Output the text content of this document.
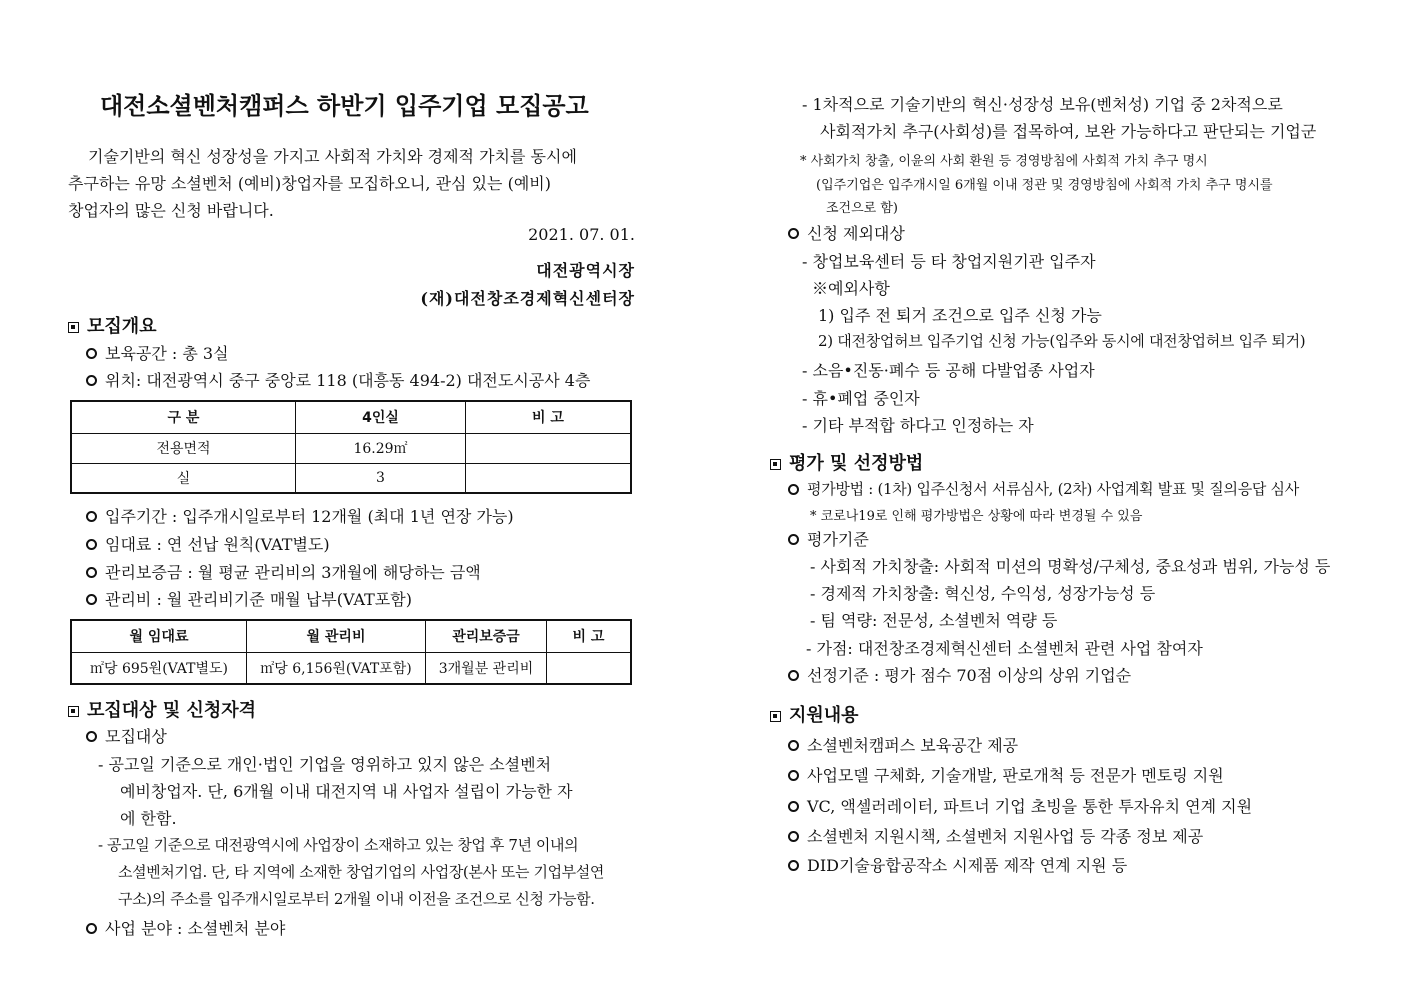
대전소셜벤처캠퍼스 하반기 입주기업 모집공고
기술기반의 혁신 성장성을 가지고 사회적 가치와 경제적 가치를 동시에
추구하는 유망 소셜벤처 (예비)창업자를 모집하오니, 관심 있는 (예비)
창업자의 많은 신청 바랍니다.
2021. 07. 01.
대전광역시장
(재)대전창조경제혁신센터장
모집개요
보육공간 : 총 3실
위치: 대전광역시 중구 중앙로 118 (대흥동 494-2) 대전도시공사 4층
구 분	4인실	비 고
전용면적	16.29㎡	
실	3	
입주기간 : 입주개시일로부터 12개월 (최대 1년 연장 가능)
임대료 : 연 선납 원칙(VAT별도)
관리보증금 : 월 평균 관리비의 3개월에 해당하는 금액
관리비 : 월 관리비기준 매월 납부(VAT포함)
월 임대료	월 관리비	관리보증금	비 고
㎡당 695원(VAT별도)	㎡당 6,156원(VAT포함)	3개월분 관리비	
모집대상 및 신청자격
모집대상
- 공고일 기준으로 개인·법인 기업을 영위하고 있지 않은 소셜벤처
예비창업자. 단, 6개월 이내 대전지역 내 사업자 설립이 가능한 자
에 한함.
- 공고일 기준으로 대전광역시에 사업장이 소재하고 있는 창업 후 7년 이내의
소셜벤처기업. 단, 타 지역에 소재한 창업기업의 사업장(본사 또는 기업부설연
구소)의 주소를 입주개시일로부터 2개월 이내 이전을 조건으로 신청 가능함.
사업 분야 : 소셜벤처 분야
- 1차적으로 기술기반의 혁신·성장성 보유(벤처성) 기업 중 2차적으로
사회적가치 추구(사회성)를 접목하여, 보완 가능하다고 판단되는 기업군
* 사회가치 창출, 이윤의 사회 환원 등 경영방침에 사회적 가치 추구 명시
(입주기업은 입주개시일 6개월 이내 정관 및 경영방침에 사회적 가치 추구 명시를
조건으로 함)
신청 제외대상
- 창업보육센터 등 타 창업지원기관 입주자
※예외사항
1) 입주 전 퇴거 조건으로 입주 신청 가능
2) 대전창업허브 입주기업 신청 가능(입주와 동시에 대전창업허브 입주 퇴거)
- 소음•진동·폐수 등 공해 다발업종 사업자
- 휴•폐업 중인자
- 기타 부적합 하다고 인정하는 자
평가 및 선정방법
평가방법 : (1차) 입주신청서 서류심사, (2차) 사업계획 발표 및 질의응답 심사
* 코로나19로 인해 평가방법은 상황에 따라 변경될 수 있음
평가기준
- 사회적 가치창출: 사회적 미션의 명확성/구체성, 중요성과 범위, 가능성 등
- 경제적 가치창출: 혁신성, 수익성, 성장가능성 등
- 팀 역량: 전문성, 소셜벤처 역량 등
- 가점: 대전창조경제혁신센터 소셜벤처 관련 사업 참여자
선정기준 : 평가 점수 70점 이상의 상위 기업순
지원내용
소셜벤처캠퍼스 보육공간 제공
사업모델 구체화, 기술개발, 판로개척 등 전문가 멘토링 지원
VC, 액셀러레이터, 파트너 기업 초빙을 통한 투자유치 연계 지원
소셜벤처 지원시책, 소셜벤처 지원사업 등 각종 정보 제공
DID기술융합공작소 시제품 제작 연계 지원 등
